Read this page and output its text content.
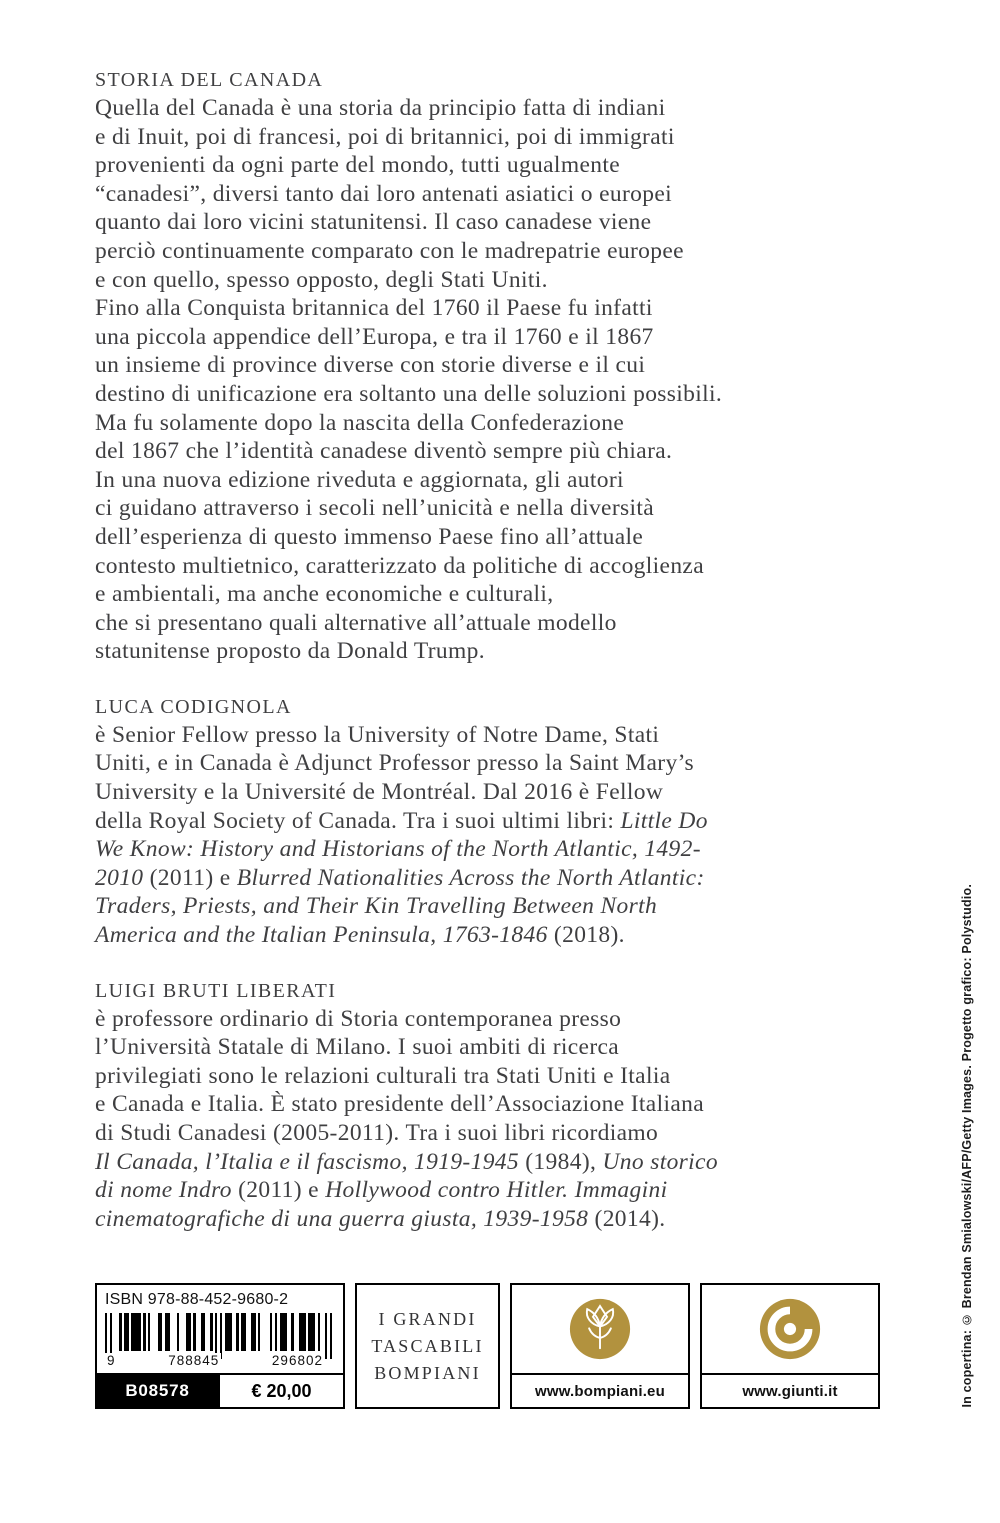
STORIA DEL CANADA
Quella del Canada è una storia da principio fatta di indiani
e di Inuit, poi di francesi, poi di britannici, poi di immigrati
provenienti da ogni parte del mondo, tutti ugualmente
“canadesi”, diversi tanto dai loro antenati asiatici o europei
quanto dai loro vicini statunitensi. Il caso canadese viene
perciò continuamente comparato con le madrepatrie europee
e con quello, spesso opposto, degli Stati Uniti.
Fino alla Conquista britannica del 1760 il Paese fu infatti
una piccola appendice dell’Europa, e tra il 1760 e il 1867
un insieme di province diverse con storie diverse e il cui
destino di unificazione era soltanto una delle soluzioni possibili.
Ma fu solamente dopo la nascita della Confederazione
del 1867 che l’identità canadese diventò sempre più chiara.
In una nuova edizione riveduta e aggiornata, gli autori
ci guidano attraverso i secoli nell’unicità e nella diversità
dell’esperienza di questo immenso Paese fino all’attuale
contesto multietnico, caratterizzato da politiche di accoglienza
e ambientali, ma anche economiche e culturali,
che si presentano quali alternative all’attuale modello
statunitense proposto da Donald Trump.
LUCA CODIGNOLA
è Senior Fellow presso la University of Notre Dame, Stati
Uniti, e in Canada è Adjunct Professor presso la Saint Mary’s
University e la Université de Montréal. Dal 2016 è Fellow
della Royal Society of Canada. Tra i suoi ultimi libri: Little Do
We Know: History and Historians of the North Atlantic, 1492-
2010 (2011) e Blurred Nationalities Across the North Atlantic:
Traders, Priests, and Their Kin Travelling Between North
America and the Italian Peninsula, 1763-1846 (2018).
LUIGI BRUTI LIBERATI
è professore ordinario di Storia contemporanea presso
l’Università Statale di Milano. I suoi ambiti di ricerca
privilegiati sono le relazioni culturali tra Stati Uniti e Italia
e Canada e Italia. È stato presidente dell’Associazione Italiana
di Studi Canadesi (2005-2011). Tra i suoi libri ricordiamo
Il Canada, l’Italia e il fascismo, 1919-1945 (1984), Uno storico
di nome Indro (2011) e Hollywood contro Hitler. Immagini
cinematografiche di una guerra giusta, 1939-1958 (2014).
ISBN 978-88-452-9680-2
9	788845	296802
B08578	€ 20,00
I GRANDI
TASCABILI
BOMPIANI
www.bompiani.eu	www.giunti.it	In copertina: © Brendan Smialowski/AFP/Getty Images. Progetto grafico: Polystudio.
